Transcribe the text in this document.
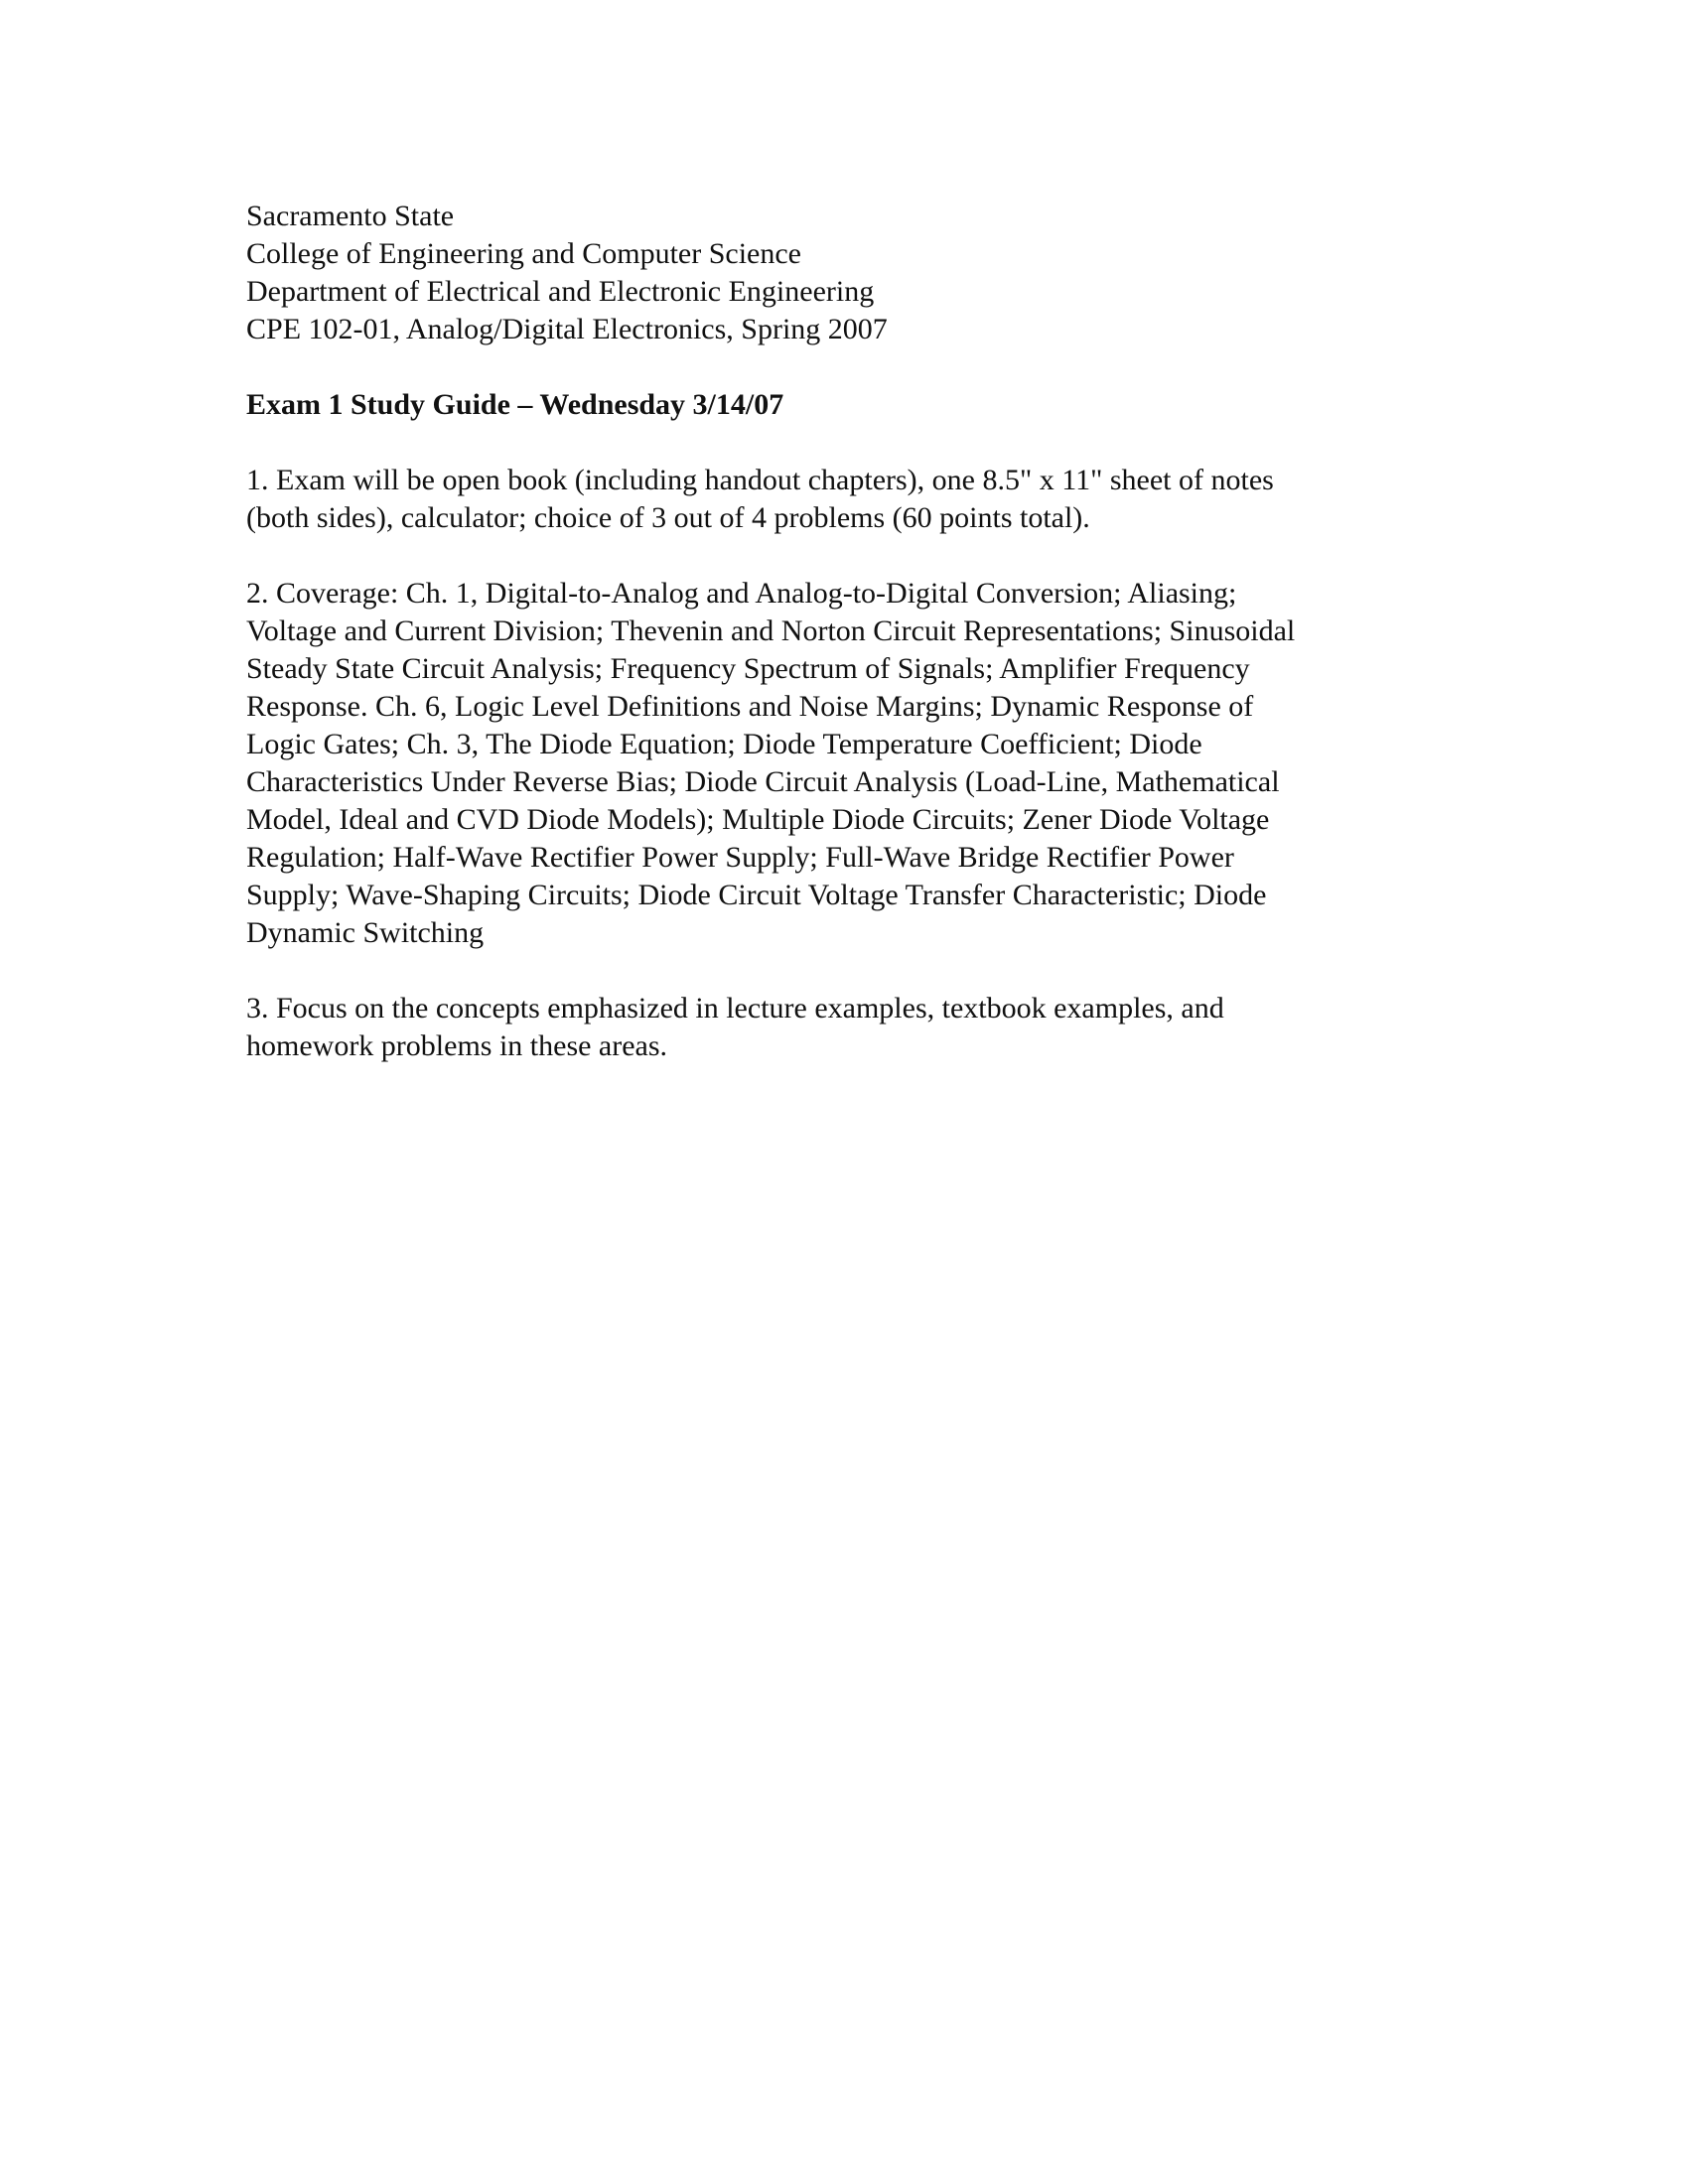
Sacramento State

College of Engineering and Computer Science

Department of Electrical and Electronic Engineering

CPE 102-01, Analog/Digital Electronics, Spring 2007

Exam 1 Study Guide – Wednesday 3/14/07

1. Exam will be open book (including handout chapters), one 8.5" x 11" sheet of notes
(both sides), calculator; choice of 3 out of 4 problems (60 points total).
2. Coverage: Ch. 1, Digital-to-Analog and Analog-to-Digital Conversion; Aliasing;
Voltage and Current Division; Thevenin and Norton Circuit Representations; Sinusoidal
Steady State Circuit Analysis; Frequency Spectrum of Signals; Amplifier Frequency
Response. Ch. 6, Logic Level Definitions and Noise Margins; Dynamic Response of
Logic Gates; Ch. 3, The Diode Equation; Diode Temperature Coefficient; Diode
Characteristics Under Reverse Bias; Diode Circuit Analysis (Load-Line, Mathematical
Model, Ideal and CVD Diode Models); Multiple Diode Circuits; Zener Diode Voltage
Regulation; Half-Wave Rectifier Power Supply; Full-Wave Bridge Rectifier Power
Supply; Wave-Shaping Circuits; Diode Circuit Voltage Transfer Characteristic; Diode
Dynamic Switching
3. Focus on the concepts emphasized in lecture examples, textbook examples, and
homework problems in these areas.
